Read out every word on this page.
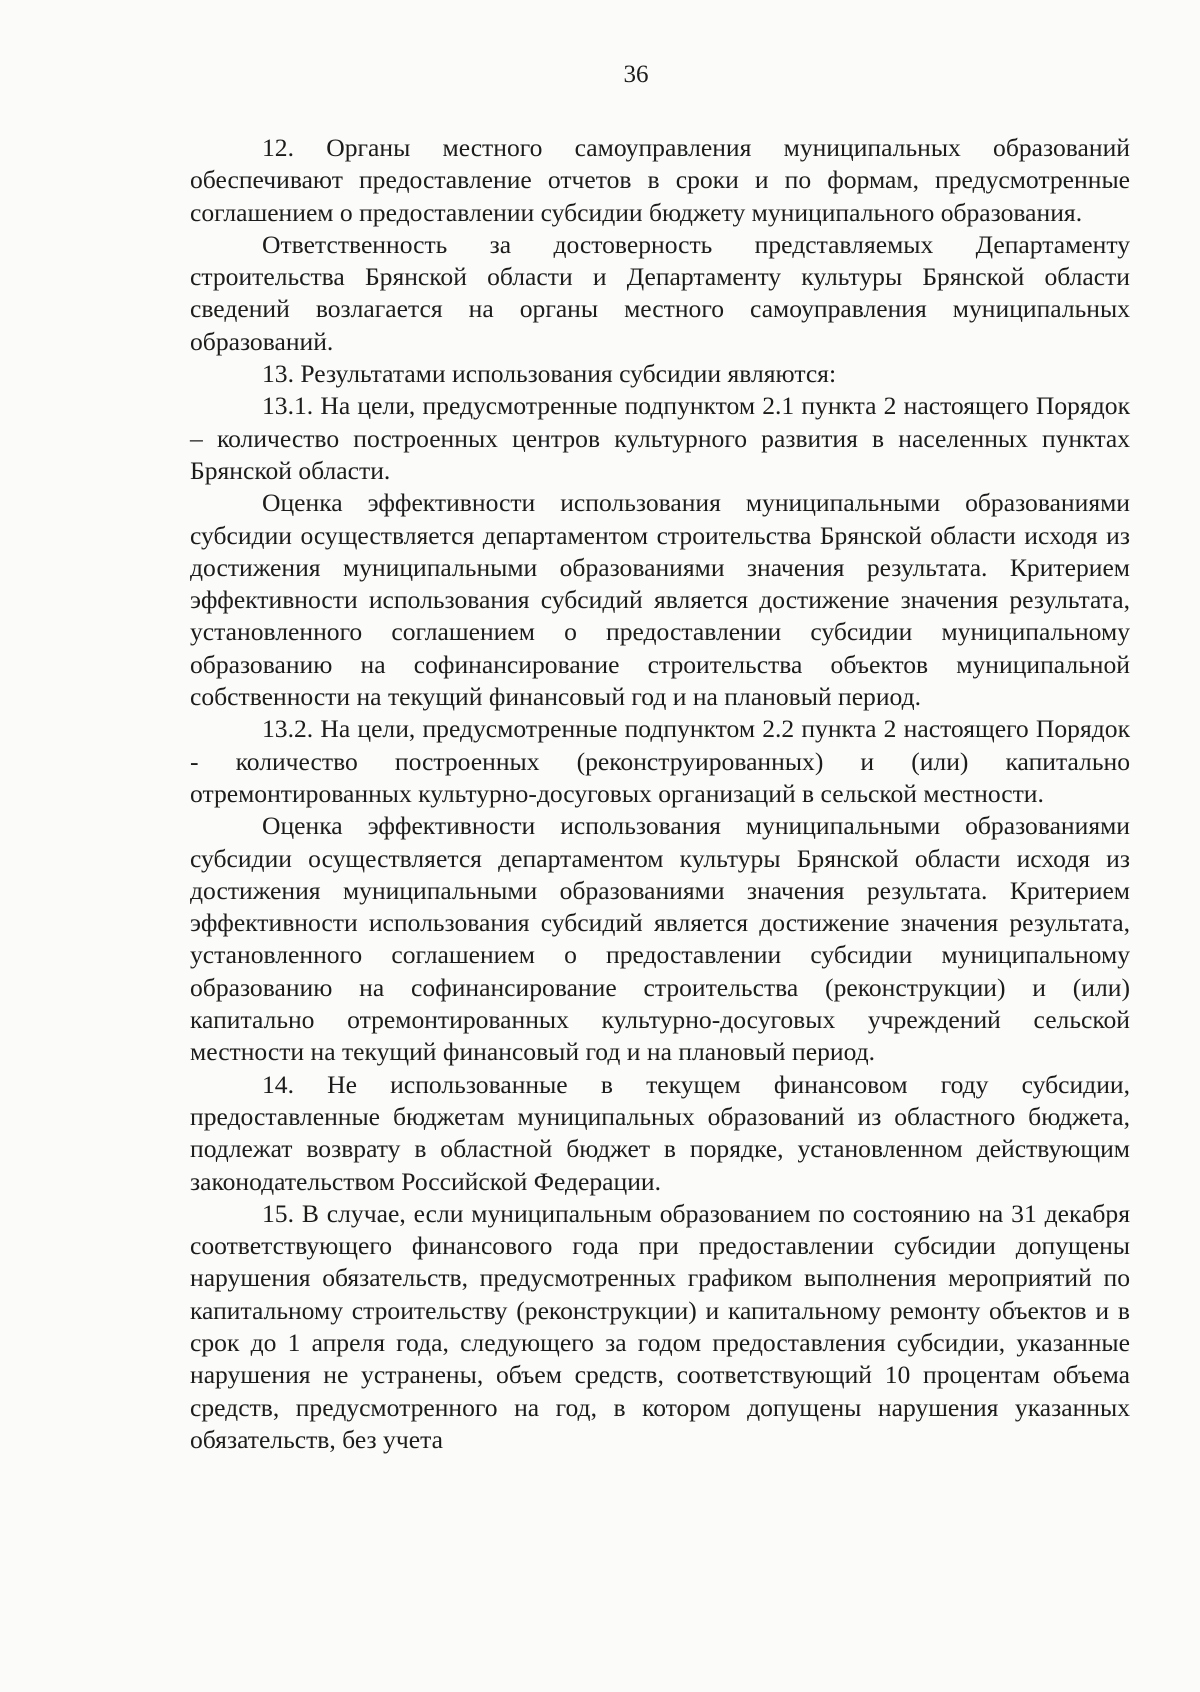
36

12. Органы местного самоуправления муниципальных образований обеспечивают предоставление отчетов в сроки и по формам, предусмотренные соглашением о предоставлении субсидии бюджету муниципального образования.

Ответственность за достоверность представляемых Департаменту строительства Брянской области и Департаменту культуры Брянской области сведений возлагается на органы местного самоуправления муниципальных образований.

13. Результатами использования субсидии являются:

13.1. На цели, предусмотренные подпунктом 2.1 пункта 2 настоящего Порядок – количество построенных центров культурного развития в населенных пунктах Брянской области.

Оценка эффективности использования муниципальными образованиями субсидии осуществляется департаментом строительства Брянской области исходя из достижения муниципальными образованиями значения результата. Критерием эффективности использования субсидий является достижение значения результата, установленного соглашением о предоставлении субсидии муниципальному образованию на софинансирование строительства объектов муниципальной собственности на текущий финансовый год и на плановый период.

13.2. На цели, предусмотренные подпунктом 2.2 пункта 2 настоящего Порядок - количество построенных (реконструированных) и (или) капитально отремонтированных культурно-досуговых организаций в сельской местности.

Оценка эффективности использования муниципальными образованиями субсидии осуществляется департаментом культуры Брянской области исходя из достижения муниципальными образованиями значения результата. Критерием эффективности использования субсидий является достижение значения результата, установленного соглашением о предоставлении субсидии муниципальному образованию на софинансирование строительства (реконструкции) и (или) капитально отремонтированных культурно-досуговых учреждений сельской местности на текущий финансовый год и на плановый период.

14. Не использованные в текущем финансовом году субсидии, предоставленные бюджетам муниципальных образований из областного бюджета, подлежат возврату в областной бюджет в порядке, установленном действующим законодательством Российской Федерации.

15. В случае, если муниципальным образованием по состоянию на 31 декабря соответствующего финансового года при предоставлении субсидии допущены нарушения обязательств, предусмотренных графиком выполнения мероприятий по капитальному строительству (реконструкции) и капитальному ремонту объектов и в срок до 1 апреля года, следующего за годом предоставления субсидии, указанные нарушения не устранены, объем средств, соответствующий 10 процентам объема средств, предусмотренного на год, в котором допущены нарушения указанных обязательств, без учета
